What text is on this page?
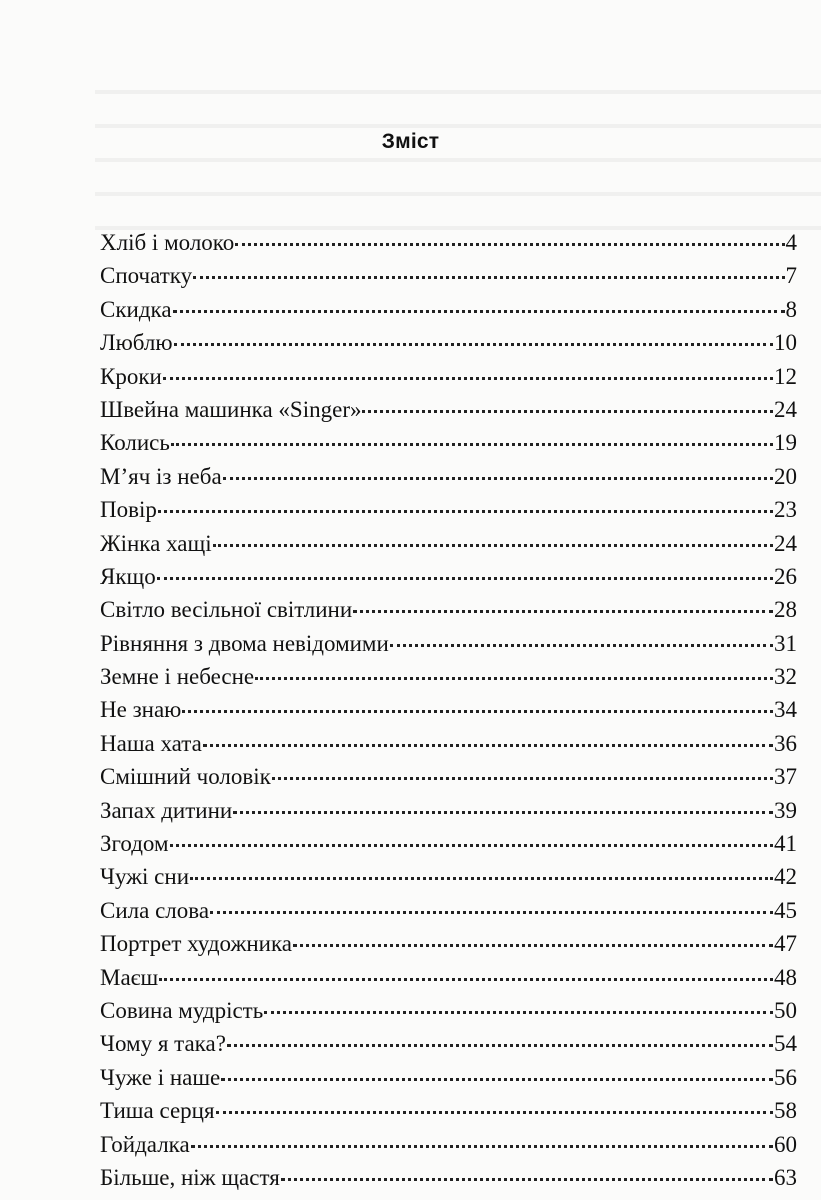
Зміст
Хліб і молоко	4
Спочатку	7
Скидка	8
Люблю	10
Кроки	12
Швейна машинка «Singer»	24
Колись	19
М’яч із неба	20
Повір	23
Жінка хащі	24
Якщо	26
Світло весільної світлини	28
Рівняння з двома невідомими	31
Земне і небесне	32
Не знаю	34
Наша хата	36
Смішний чоловік	37
Запах дитини	39
Згодом	41
Чужі сни	42
Сила слова	45
Портрет художника	47
Маєш	48
Совина мудрість	50
Чому я така?	54
Чуже і наше	56
Тиша серця	58
Гойдалка	60
Більше, ніж щастя	63
